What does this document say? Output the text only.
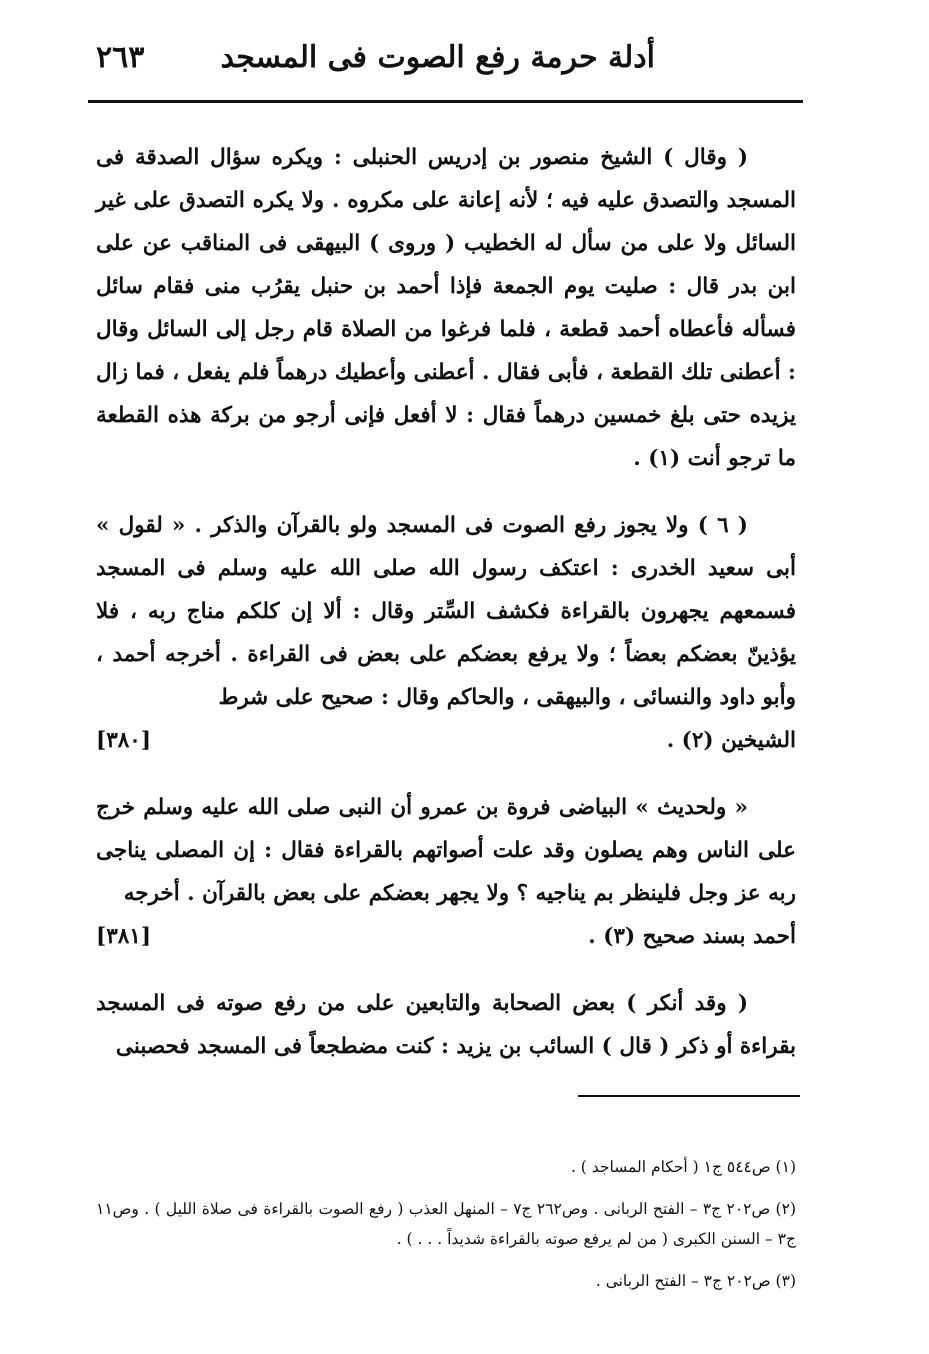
٢٦٣	أدلة حرمة رفع الصوت فى المسجد

( وقال ) الشيخ منصور بن إدريس الحنبلى : ويكره سؤال الصدقة فى المسجد والتصدق عليه فيه ؛ لأنه إعانة على مكروه . ولا يكره التصدق على غير السائل ولا على من سأل له الخطيب ( وروى ) البيهقى فى المناقب عن على ابن بدر قال : صليت يوم الجمعة فإذا أحمد بن حنبل يقرُب منى فقام سائل فسأله فأعطاه أحمد قطعة ، فلما فرغوا من الصلاة قام رجل إلى السائل وقال : أعطنى تلك القطعة ، فأبى فقال . أعطنى وأعطيك درهماً فلم يفعل ، فما زال يزيده حتى بلغ خمسين درهماً فقال : لا أفعل فإنى أرجو من بركة هذه القطعة ما ترجو أنت (١) .

( ٦ ) ولا يجوز رفع الصوت فى المسجد ولو بالقرآن والذكر . « لقول » أبى سعيد الخدرى : اعتكف رسول الله صلى الله عليه وسلم فى المسجد فسمعهم يجهرون بالقراءة فكشف السِّتر وقال : ألا إن كلكم مناج ربه ، فلا يؤذينّ بعضكم بعضاً ؛ ولا يرفع بعضكم على بعض فى القراءة . أخرجه أحمد ، وأبو داود والنسائى ، والبيهقى ، والحاكم وقال : صحيح على شرط

الشيخين (٢) .
[٣٨٠]

« ولحديث » البياضى فروة بن عمرو أن النبى صلى الله عليه وسلم خرج على الناس وهم يصلون وقد علت أصواتهم بالقراءة فقال : إن المصلى يناجى ربه عز وجل فلينظر بم يناجيه ؟ ولا يجهر بعضكم على بعض بالقرآن . أخرجه

أحمد بسند صحيح (٣) .
[٣٨١]

( وقد أنكر ) بعض الصحابة والتابعين على من رفع صوته فى المسجد بقراءة أو ذكر ( قال ) السائب بن يزيد : كنت مضطجعاً فى المسجد فحصبنى

(١) ص٥٤٤ ج١ ( أحكام المساجد ) .

(٢) ص٢٠٢ ج٣ – الفتح الربانى . وص٢٦٢ ج٧ – المنهل العذب ( رفع الصوت بالقراءة فى صلاة الليل ) . وص١١ ج٣ – السنن الكبرى ( من لم يرفع صوته بالقراءة شديداً . . . ) .

(٣) ص٢٠٢ ج٣ – الفتح الربانى .
